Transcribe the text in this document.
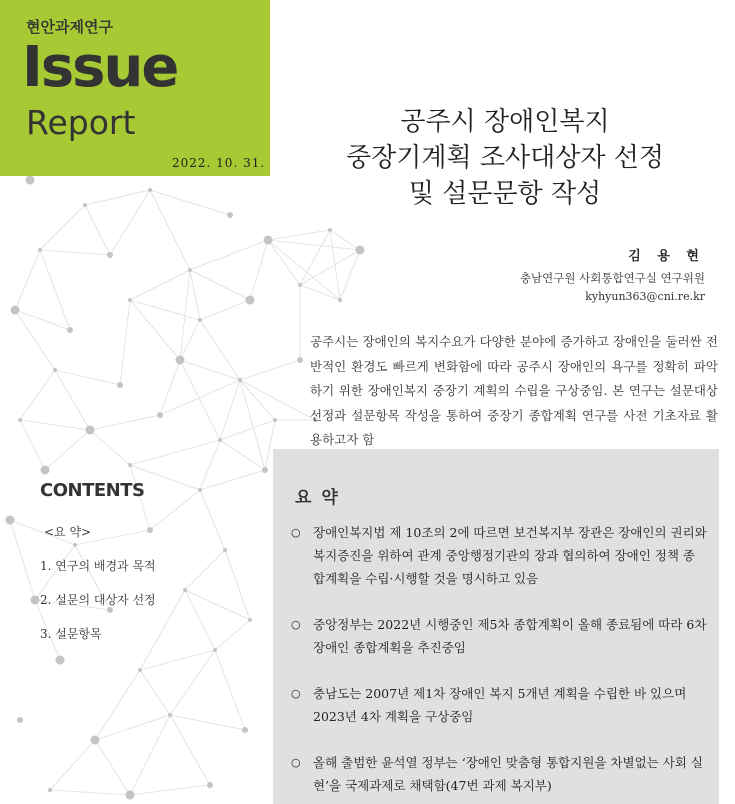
현안과제연구
Issue
Report
2022. 10. 31.
공주시 장애인복지
중장기계획 조사대상자 선정
및 설문문항 작성
김 용 현
충남연구원 사회통합연구실 연구위원
kyhyun363@cni.re.kr

공주시는 장애인의 복지수요가 다양한 분야에 증가하고 장애인을 둘러싼 전반적인 환경도 빠르게 변화함에 따라 공주시 장애인의 욕구를 정확히 파악하기 위한 장애인복지 중장기 계획의 수립을 구상중임. 본 연구는 설문대상 선정과 설문항목 작성을 통하여 중장기 종합계획 연구를 사전 기초자료 활용하고자 함

CONTENTS
<요 약>
1. 연구의 배경과 목적
2. 설문의 대상자 선정
3. 설문항목
요 약
○ 장애인복지법 제 10조의 2에 따르면 보건복지부 장관은 장애인의 권리와 복지증진을 위하여 관계 중앙행정기관의 장과 협의하여 장애인 정책 종합계획을 수립·시행할 것을 명시하고 있음
○ 중앙정부는 2022년 시행중인 제5차 종합계획이 올해 종료됨에 따라 6차 장애인 종합계획을 추진중임
○ 충남도는 2007년 제1차 장애인 복지 5개년 계획을 수립한 바 있으며 2023년 4차 계획을 구상중임
○ 올해 출범한 윤석열 정부는 ‘장애인 맞춤형 통합지원을 차별없는 사회 실현’을 국제과제로 채택함(47번 과제 복지부)
